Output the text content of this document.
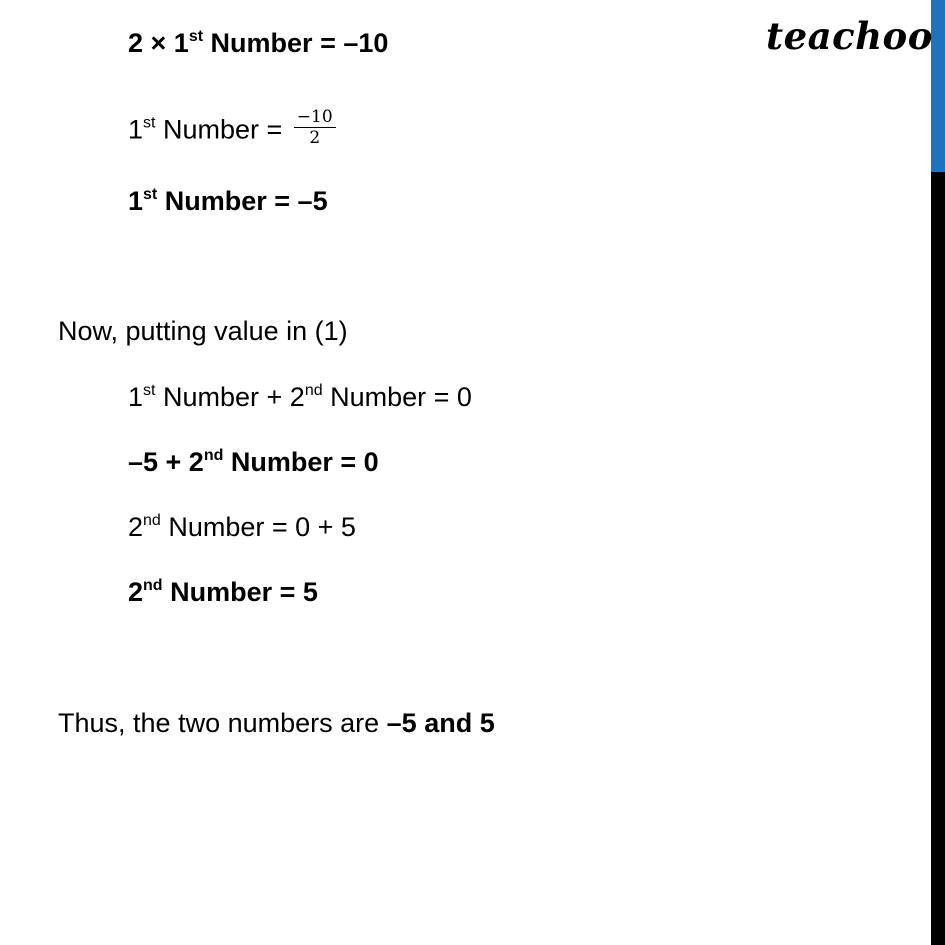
teachoo
2 × 1st Number = –10
1st Number = $\frac{-10}{2}$
1st Number = –5
Now, putting value in (1)
1st Number + 2nd Number = 0
–5 + 2nd Number = 0
2nd Number = 0 + 5
2nd Number = 5
Thus, the two numbers are –5 and 5
